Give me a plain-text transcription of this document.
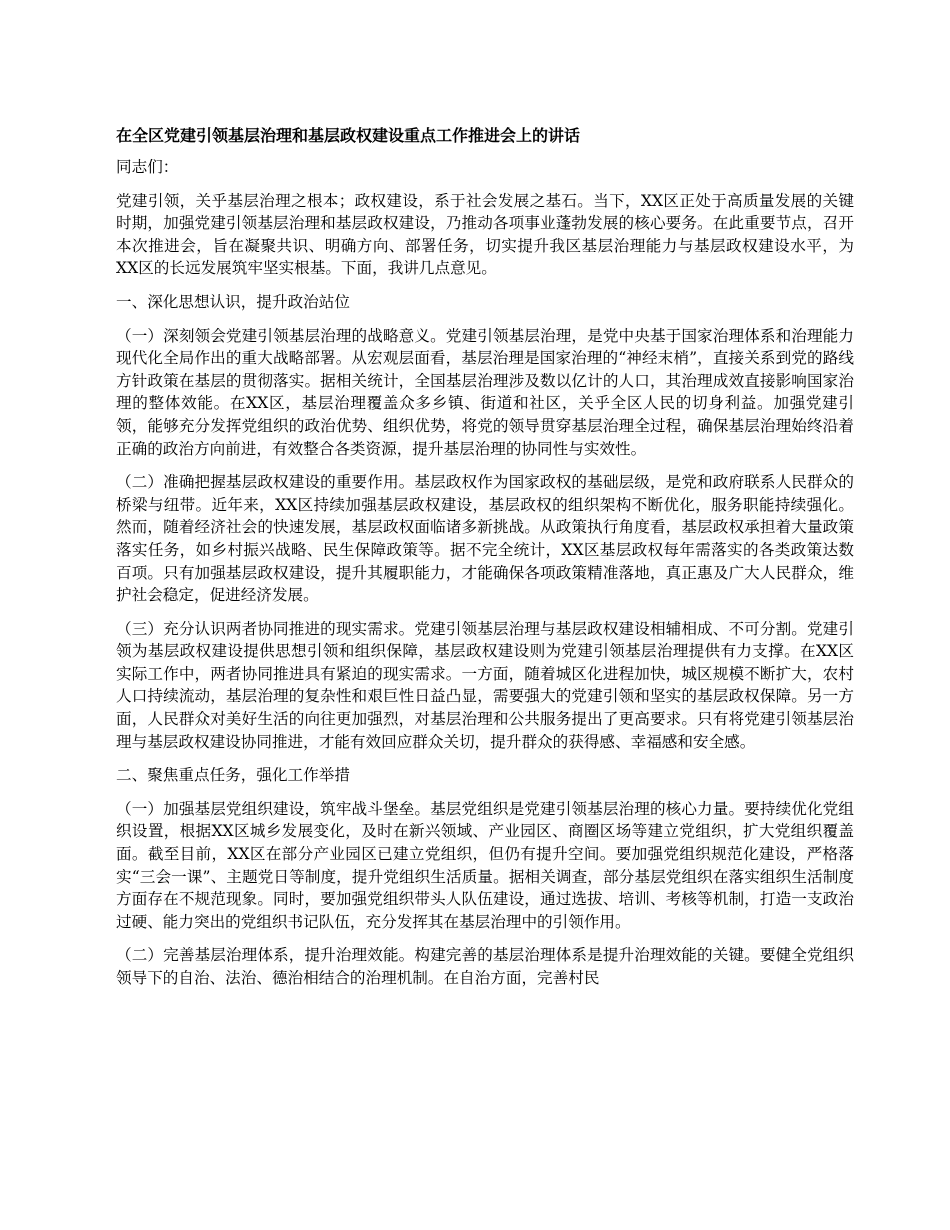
在全区党建引领基层治理和基层政权建设重点工作推进会上的讲话

同志们：

党建引领，关乎基层治理之根本；政权建设，系于社会发展之基石。当下，XX区正处于高质量发展的关键时期，加强党建引领基层治理和基层政权建设，乃推动各项事业蓬勃发展的核心要务。在此重要节点，召开本次推进会，旨在凝聚共识、明确方向、部署任务，切实提升我区基层治理能力与基层政权建设水平，为XX区的长远发展筑牢坚实根基。下面，我讲几点意见。

一、深化思想认识，提升政治站位

（一）深刻领会党建引领基层治理的战略意义。党建引领基层治理，是党中央基于国家治理体系和治理能力现代化全局作出的重大战略部署。从宏观层面看，基层治理是国家治理的“神经末梢”，直接关系到党的路线方针政策在基层的贯彻落实。据相关统计，全国基层治理涉及数以亿计的人口，其治理成效直接影响国家治理的整体效能。在XX区，基层治理覆盖众多乡镇、街道和社区，关乎全区人民的切身利益。加强党建引领，能够充分发挥党组织的政治优势、组织优势，将党的领导贯穿基层治理全过程，确保基层治理始终沿着正确的政治方向前进，有效整合各类资源，提升基层治理的协同性与实效性。

（二）准确把握基层政权建设的重要作用。基层政权作为国家政权的基础层级，是党和政府联系人民群众的桥梁与纽带。近年来，XX区持续加强基层政权建设，基层政权的组织架构不断优化，服务职能持续强化。然而，随着经济社会的快速发展，基层政权面临诸多新挑战。从政策执行角度看，基层政权承担着大量政策落实任务，如乡村振兴战略、民生保障政策等。据不完全统计，XX区基层政权每年需落实的各类政策达数百项。只有加强基层政权建设，提升其履职能力，才能确保各项政策精准落地，真正惠及广大人民群众，维护社会稳定，促进经济发展。

（三）充分认识两者协同推进的现实需求。党建引领基层治理与基层政权建设相辅相成、不可分割。党建引领为基层政权建设提供思想引领和组织保障，基层政权建设则为党建引领基层治理提供有力支撑。在XX区实际工作中，两者协同推进具有紧迫的现实需求。一方面，随着城区化进程加快，城区规模不断扩大，农村人口持续流动，基层治理的复杂性和艰巨性日益凸显，需要强大的党建引领和坚实的基层政权保障。另一方面，人民群众对美好生活的向往更加强烈，对基层治理和公共服务提出了更高要求。只有将党建引领基层治理与基层政权建设协同推进，才能有效回应群众关切，提升群众的获得感、幸福感和安全感。

二、聚焦重点任务，强化工作举措

（一）加强基层党组织建设，筑牢战斗堡垒。基层党组织是党建引领基层治理的核心力量。要持续优化党组织设置，根据XX区城乡发展变化，及时在新兴领域、产业园区、商圈区场等建立党组织，扩大党组织覆盖面。截至目前，XX区在部分产业园区已建立党组织，但仍有提升空间。要加强党组织规范化建设，严格落实“三会一课”、主题党日等制度，提升党组织生活质量。据相关调查，部分基层党组织在落实组织生活制度方面存在不规范现象。同时，要加强党组织带头人队伍建设，通过选拔、培训、考核等机制，打造一支政治过硬、能力突出的党组织书记队伍，充分发挥其在基层治理中的引领作用。

（二）完善基层治理体系，提升治理效能。构建完善的基层治理体系是提升治理效能的关键。要健全党组织领导下的自治、法治、德治相结合的治理机制。在自治方面，完善村民
